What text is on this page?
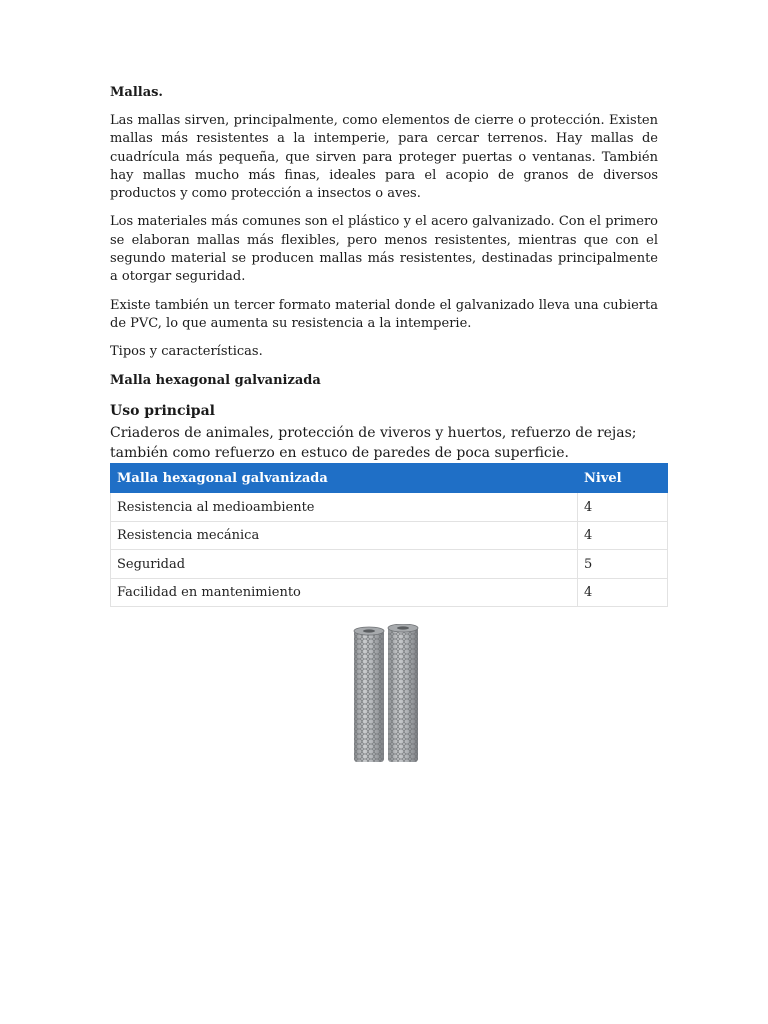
Mallas.

Las mallas sirven, principalmente, como elementos de cierre o protección. Existen mallas más resistentes a la intemperie, para cercar terrenos. Hay mallas de cuadrícula más pequeña, que sirven para proteger puertas o ventanas. También hay mallas mucho más finas, ideales para el acopio de granos de diversos productos y como protección a insectos o aves.

Los materiales más comunes son el plástico y el acero galvanizado. Con el primero se elaboran mallas más flexibles, pero menos resistentes, mientras que con el segundo material se producen mallas más resistentes, destinadas principalmente a otorgar seguridad.

Existe también un tercer formato material donde el galvanizado lleva una cubierta de PVC, lo que aumenta su resistencia a la intemperie.

Tipos y características.

Malla hexagonal galvanizada

Uso principal

Criaderos de animales, protección de viveros y huertos, refuerzo de rejas; también como refuerzo en estuco de paredes de poca superficie.

Malla hexagonal galvanizada	Nivel
Resistencia al medioambiente	4
Resistencia mecánica	4
Seguridad	5
Facilidad en mantenimiento	4
